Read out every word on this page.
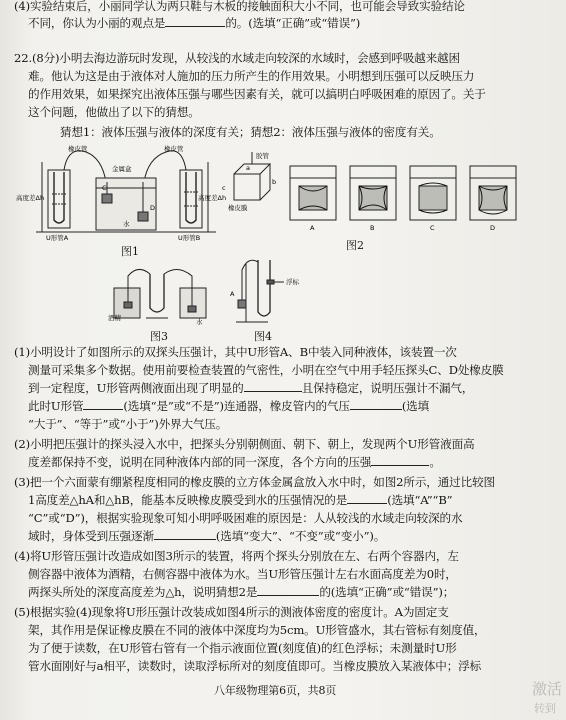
(4)实验结束后，小丽同学认为两只鞋与木板的接触面积大小不同，也可能会导致实验结论
不同，你认为小丽的观点是	的。(选填“正确”或“错误”)
22.(8分)小明去海边游玩时发现，从较浅的水域走向较深的水域时，会感到呼吸越来越困
难。他认为这是由于液体对人施加的压力所产生的作用效果。小明想到压强可以反映压力
的作用效果，如果探究出液体压强与哪些因素有关，就可以搞明白呼吸困难的原因了。关于
这个问题，他做出了以下的猜想。
猜想1：液体压强与液体的深度有关；猜想2：液体压强与液体的密度有关。
橡皮管	橡皮管
金属盒
C
D
高度差Δh	高度差Δh
U形管A	U形管B
水
图1
胶管
橡皮膜
a
c
b
A	B	C	D
图2
酒精	水
图3
浮标
A
图4
(1)小明设计了如图所示的双探头压强计，其中U形管A、B中装入同种液体，该装置一次
测量可采集多个数据。使用前要检查装置的气密性，小明在空气中用手轻压探头C、D处橡皮膜
到一定程度，U形管两侧液面出现了明显的	且保持稳定，说明压强计不漏气，
此时U形管	(选填“是”或“不是”)连通器，橡皮管内的气压	(选填
“大于”、“等于”或“小于”)外界大气压。
(2)小明把压强计的探头浸入水中，把探头分别朝侧面、朝下、朝上，发现两个U形管液面高
度差都保持不变，说明在同种液体内部的同一深度，各个方向的压强	。
(3)把一个六面蒙有绷紧程度相同的橡皮膜的立方体金属盒放入水中时，如图2所示，通过比较图
1高度差△hA和△hB，能基本反映橡皮膜受到水的压强情况的是	(选填“A”“B”
“C”或“D”)，根据实验现象可知小明呼吸困难的原因是：人从较浅的水域走向较深的水
域时，身体受到压强逐渐	(选填“变大”、“不变”或“变小”)。
(4)将U形管压强计改造成如图3所示的装置，将两个探头分别放在左、右两个容器内，左
侧容器中液体为酒精，右侧容器中液体为水。当U形管压强计左右水面高度差为0时，
两探头所处的深度高度差为△h，说明猜想2是	的(选填“正确”或“错误”)；
(5)根据实验(4)现象将U形压强计改装成如图4所示的测液体密度的密度计。A为固定支
架，其作用是保证橡皮膜在不同的液体中深度均为5cm。U形管盛水，其右管标有刻度值，
为了便于读数，在U形管右管有一个指示液面位置(刻度值)的红色浮标；未测量时U形
管水面刚好与a相平，读数时，读取浮标所对的刻度值即可。当橡皮膜放入某液体中；浮标
八年级物理第6页，共8页	激活
转到
